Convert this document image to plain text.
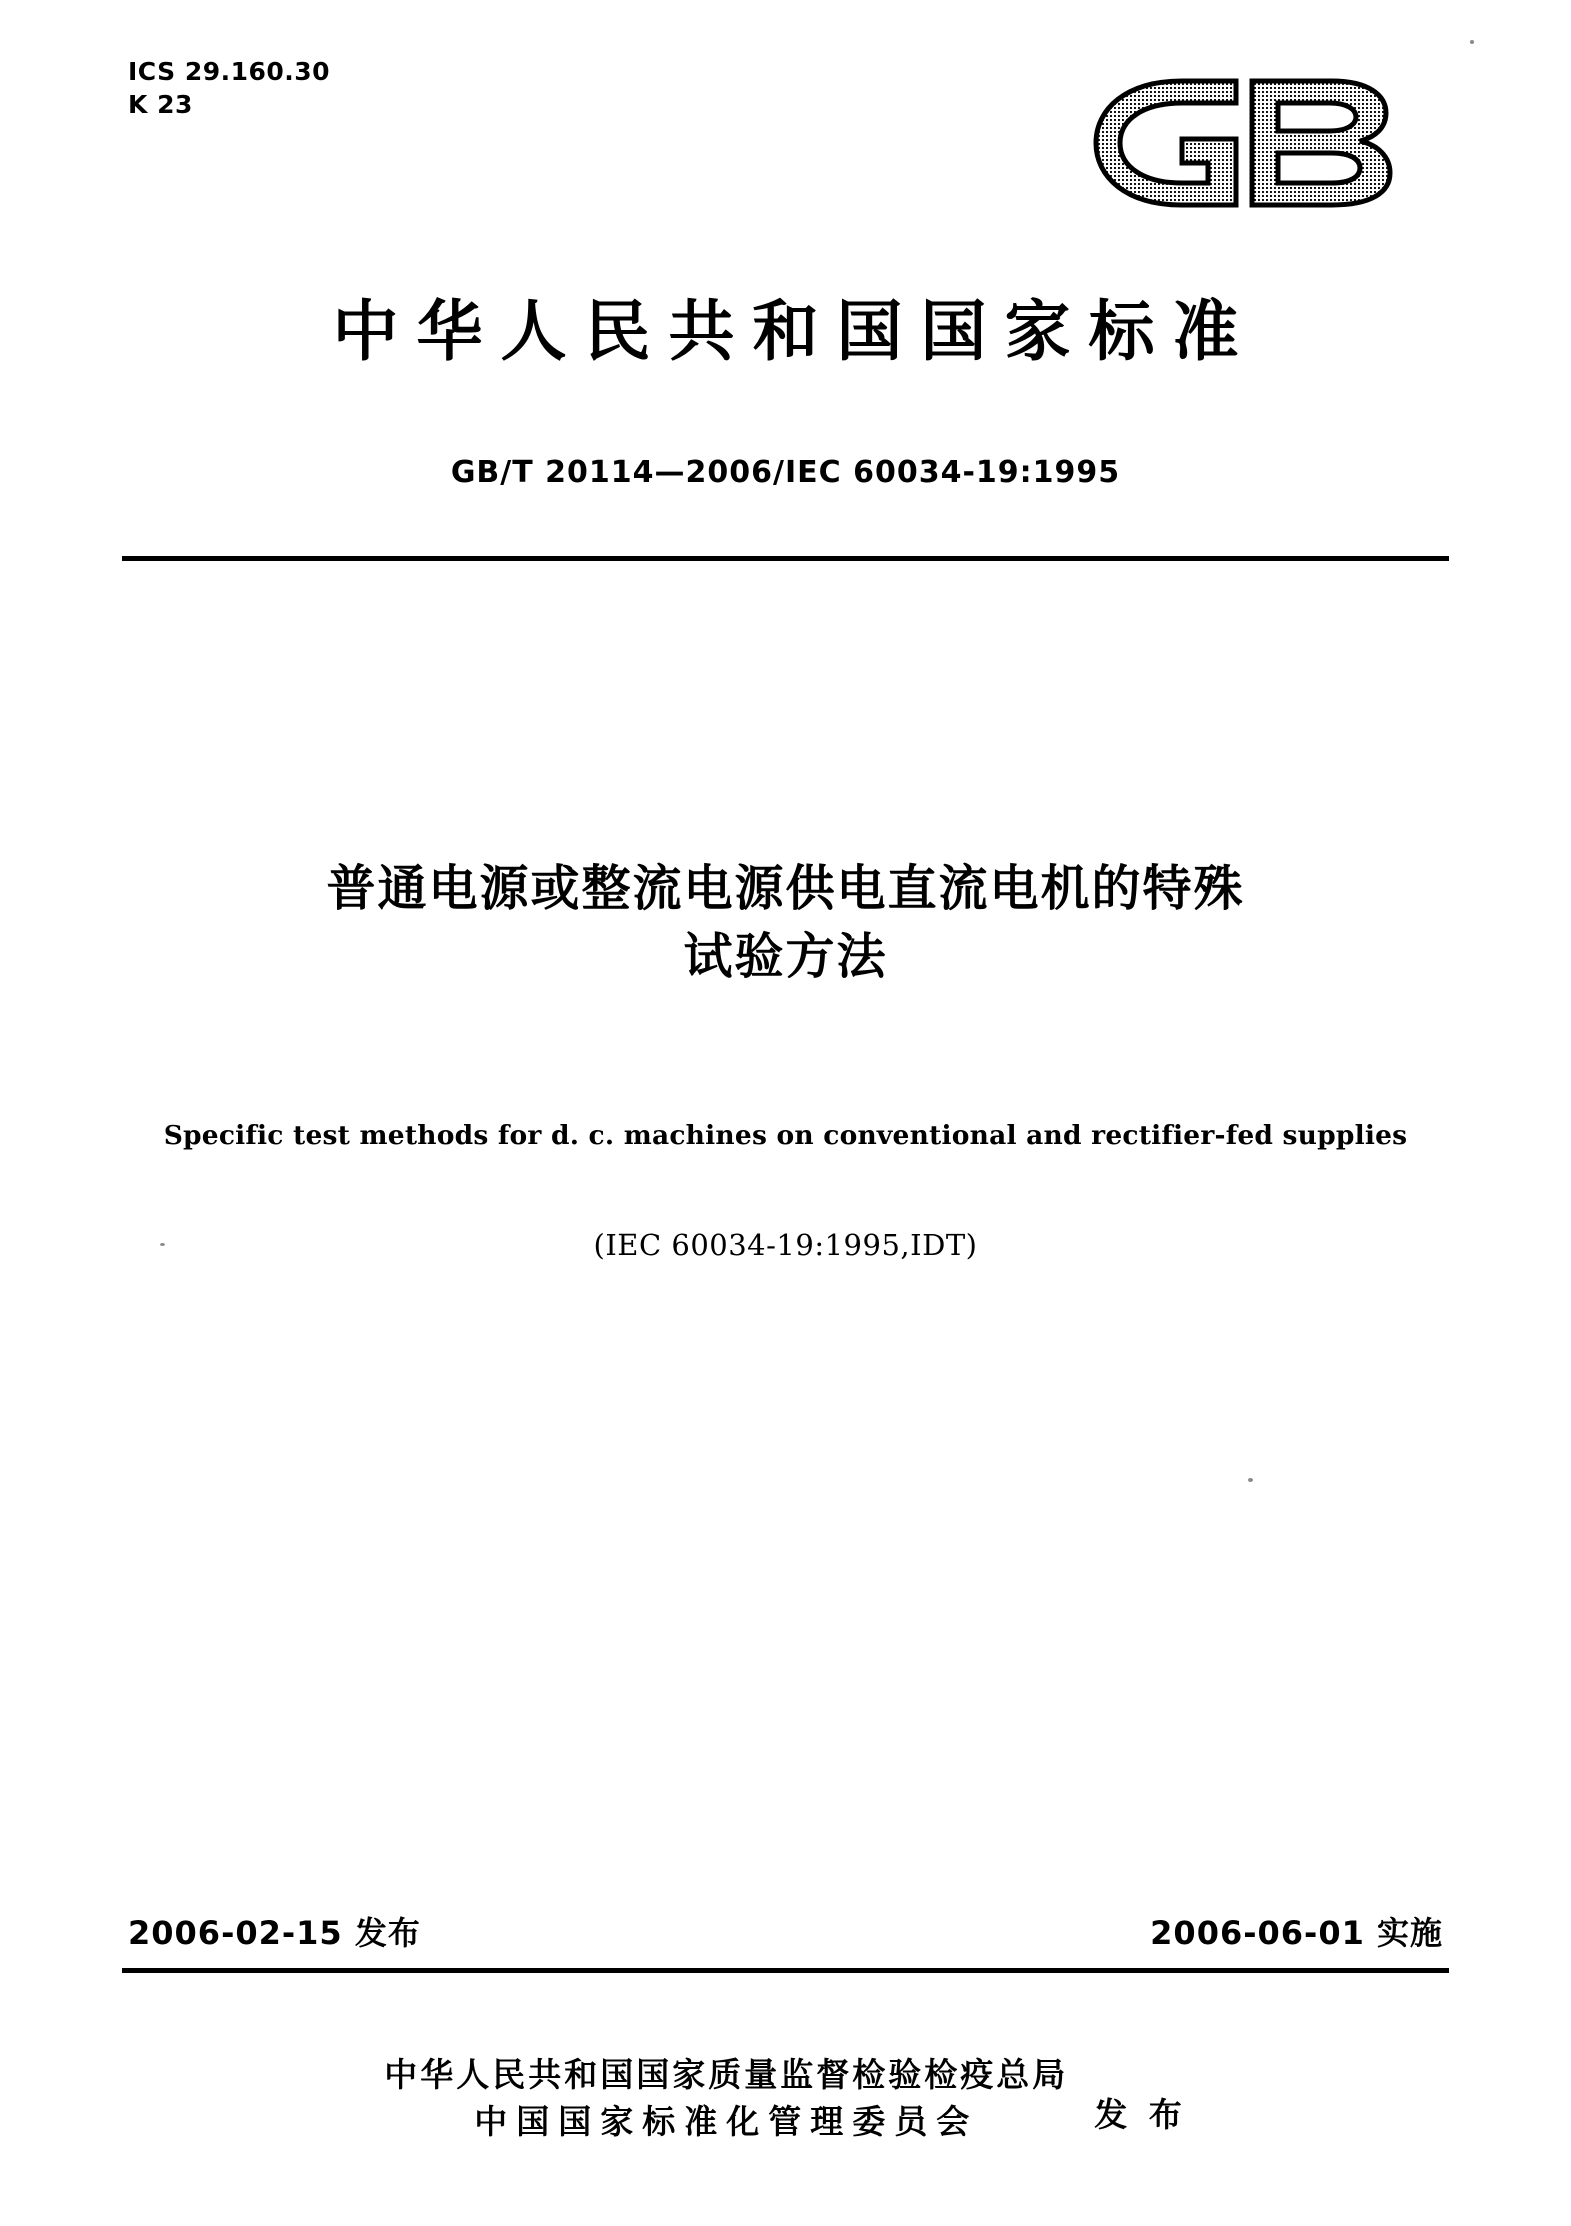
ICS 29.160.30
K 23
中华人民共和国国家标准
GB/T 20114—2006/IEC 60034-19:1995
普通电源或整流电源供电直流电机的特殊
试验方法
Specific test methods for d. c. machines on conventional and rectifier-fed supplies
(IEC 60034-19:1995,IDT)
2006-02-15 发布	2006-06-01 实施
中华人民共和国国家质量监督检验检疫总局
中国国家标准化管理委员会	发 布
